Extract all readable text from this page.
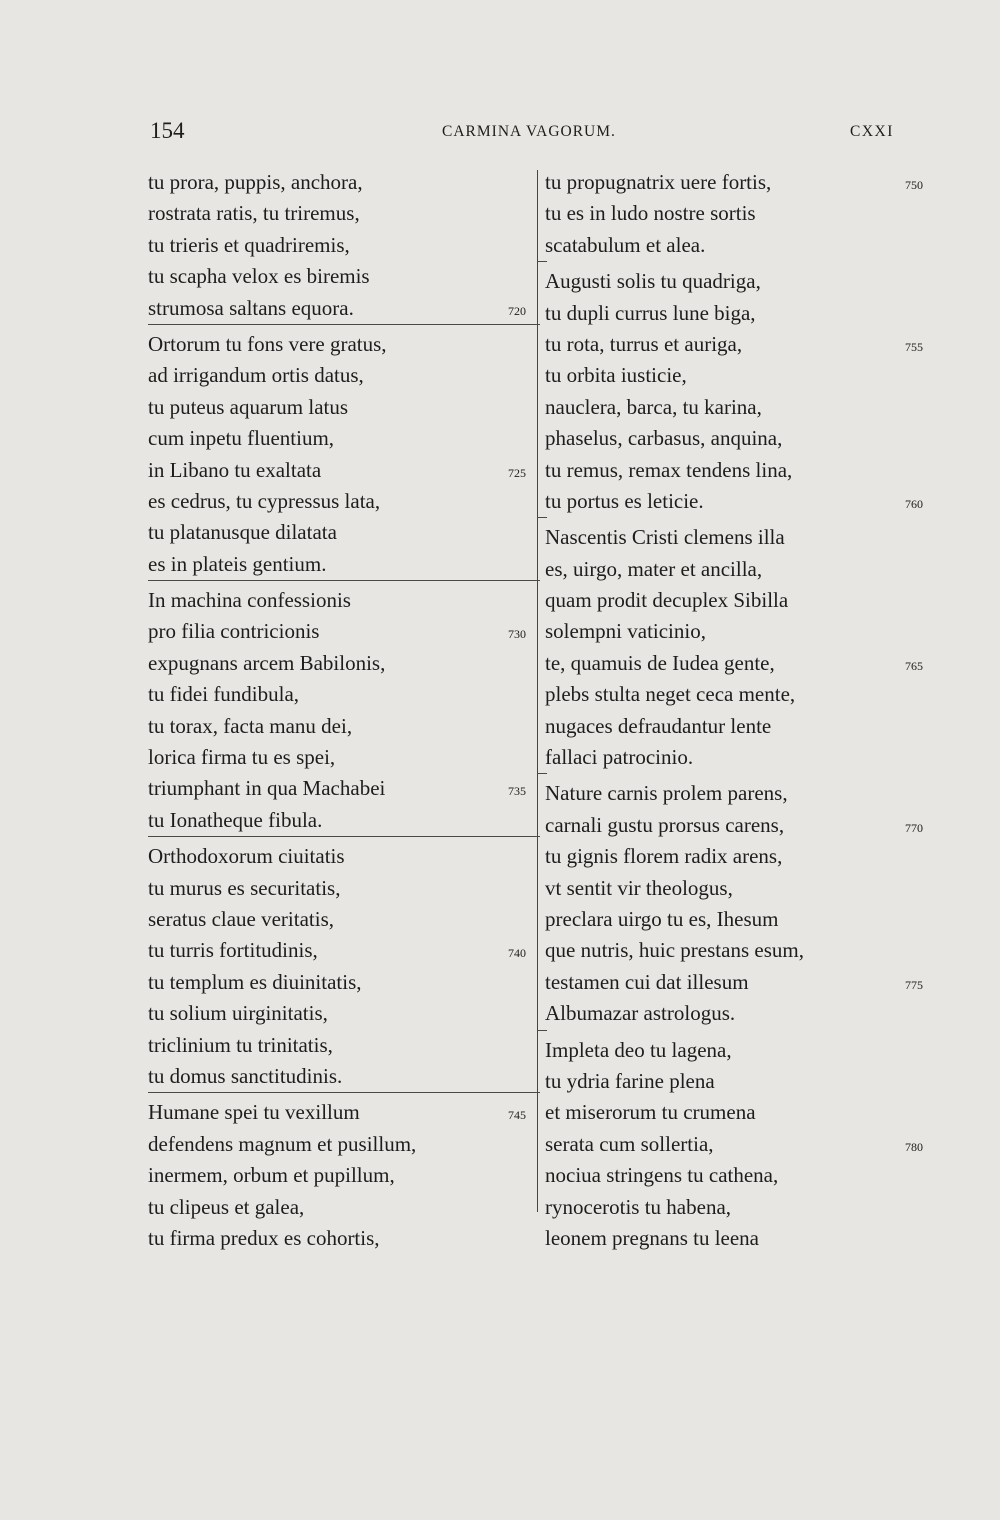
154	CARMINA VAGORUM.	CXXI
tu prora, puppis, anchora,
rostrata ratis, tu triremus,
tu trieris et quadriremis,
tu scapha velox es biremis
strumosa saltans equora.	720
Ortorum tu fons vere gratus,
ad irrigandum ortis datus,
tu puteus aquarum latus
cum inpetu fluentium,
in Libano tu exaltata	725
es cedrus, tu cypressus lata,
tu platanusque dilatata
es in plateis gentium.
In machina confessionis
pro filia contricionis	730
expugnans arcem Babilonis,
tu fidei fundibula,
tu torax, facta manu dei,
lorica firma tu es spei,
triumphant in qua Machabei	735
tu Ionatheque fibula.
Orthodoxorum ciuitatis
tu murus es securitatis,
seratus claue veritatis,
tu turris fortitudinis,	740
tu templum es diuinitatis,
tu solium uirginitatis,
triclinium tu trinitatis,
tu domus sanctitudinis.
Humane spei tu vexillum	745
defendens magnum et pusillum,
inermem, orbum et pupillum,
tu clipeus et galea,
tu firma predux es cohortis,
tu propugnatrix uere fortis,	750
tu es in ludo nostre sortis
scatabulum et alea.
Augusti solis tu quadriga,
tu dupli currus lune biga,
tu rota, turrus et auriga,	755
tu orbita iusticie,
nauclera, barca, tu karina,
phaselus, carbasus, anquina,
tu remus, remax tendens lina,
tu portus es leticie.	760
Nascentis Cristi clemens illa
es, uirgo, mater et ancilla,
quam prodit decuplex Sibilla
solempni vaticinio,
te, quamuis de Iudea gente,	765
plebs stulta neget ceca mente,
nugaces defraudantur lente
fallaci patrocinio.
Nature carnis prolem parens,
carnali gustu prorsus carens,	770
tu gignis florem radix arens,
vt sentit vir theologus,
preclara uirgo tu es, Ihesum
que nutris, huic prestans esum,
testamen cui dat illesum	775
Albumazar astrologus.
Impleta deo tu lagena,
tu ydria farine plena
et miserorum tu crumena
serata cum sollertia,	780
nociua stringens tu cathena,
rynocerotis tu habena,
leonem pregnans tu leena
